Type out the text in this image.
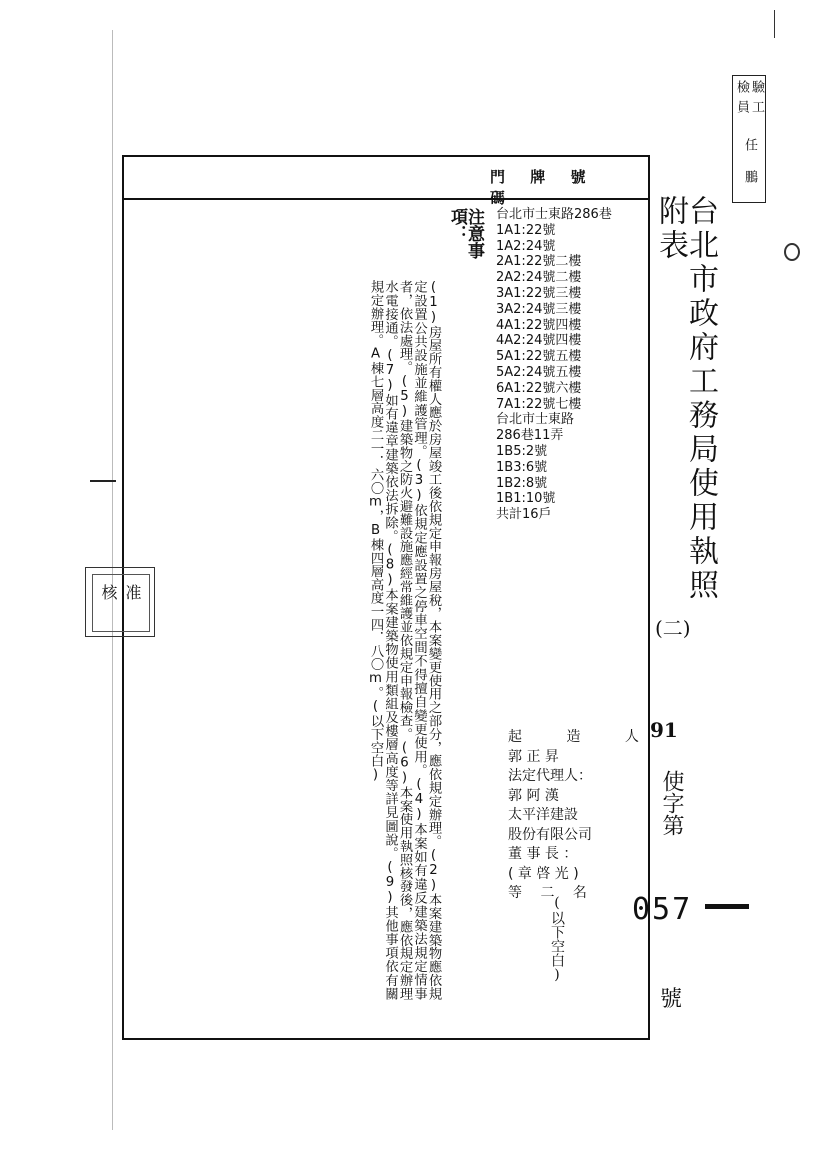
門 牌 號 碼	台北市政府工務局使用執照附表
(二)
91
使字第
057
號
台北市士東路286巷
1A1:22號
1A2:24號
2A1:22號二樓
2A2:24號二樓
3A1:22號三樓
3A2:24號三樓
4A1:22號四樓
4A2:24號四樓
5A1:22號五樓
5A2:24號五樓
6A1:22號六樓
7A1:22號七樓
台北市士東路
286巷11弄
1B5:2號
1B3:6號
1B2:8號
1B1:10號
共計16戶
注意事項：
(1)房屋所有權人應於房屋竣工後依規定申報房屋稅，本案變更使用之部分，應依規定辦理。(2)本案建築物應依規定設置公共設施並維護管理。(3)依規定應設置之停車空間不得擅自變更使用。(4)本案如有違反建築法規定情事者，依法處理。(5)建築物之防火避難設施應經常維護並依規定申報檢查。(6)本案使用執照核發後，應依規定辦理水電接通。(7)如有違章建築依法拆除。(8)本案建築物使用類組及樓層高度等詳見圖說。(9)其他事項依有關規定辦理。A棟七層高度二一．六〇m，B棟四層高度一四．八〇m。(以下空白)	起 造 人
郭 正 昇
法定代理人：
郭 阿 漢
太平洋建設
股份有限公司
董 事 長 ：
( 章 啓 光 )
等 　二　 名
(以下空白)
檢 驗
員 工
任
鵬
核 准
